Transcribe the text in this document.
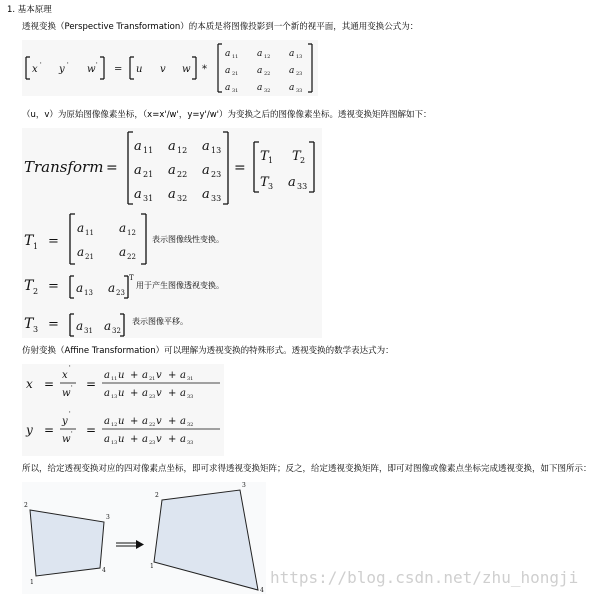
1. 基本原理
透视变换（Perspective Transformation）的本质是将图像投影到一个新的视平面，其通用变换公式为：
x ' y ' w ' = u v w *
a 11 a 12 a 13
a 21 a 22 a 23
a 31 a 32 a 33
（u，v）为原始图像像素坐标，（x=x'/w'，y=y'/w'）为变换之后的图像像素坐标。透视变换矩阵图解如下：
Transform =
a 11 a 12 a 13
a 21 a 22 a 23
a 31 a 32 a 33
=
T 1 T 2
T 3 a 33
T 1 =
a 11 a 12
a 21 a 22
T 2 = a 13 a 23
T
T 3 = a 31 a 32
表示图像线性变换。
用于产生图像透视变换。
表示图像平移。
仿射变换（Affine Transformation）可以理解为透视变换的特殊形式。透视变换的数学表达式为：
x =
x
'
w ' =
a 11 u + a 21 v + a 31
a 13 u + a 23 v + a 33
y =
y
'
w ' =
a 12 u + a 22 v + a 32
a 13 u + a 23 v + a 33
所以，给定透视变换对应的四对像素点坐标，即可求得透视变换矩阵；反之，给定透视变换矩阵，即可对图像或像素点坐标完成透视变换，如下图所示：
2
3
1
4
2
3
1
4
https://blog.csdn.net/zhu_hongji
